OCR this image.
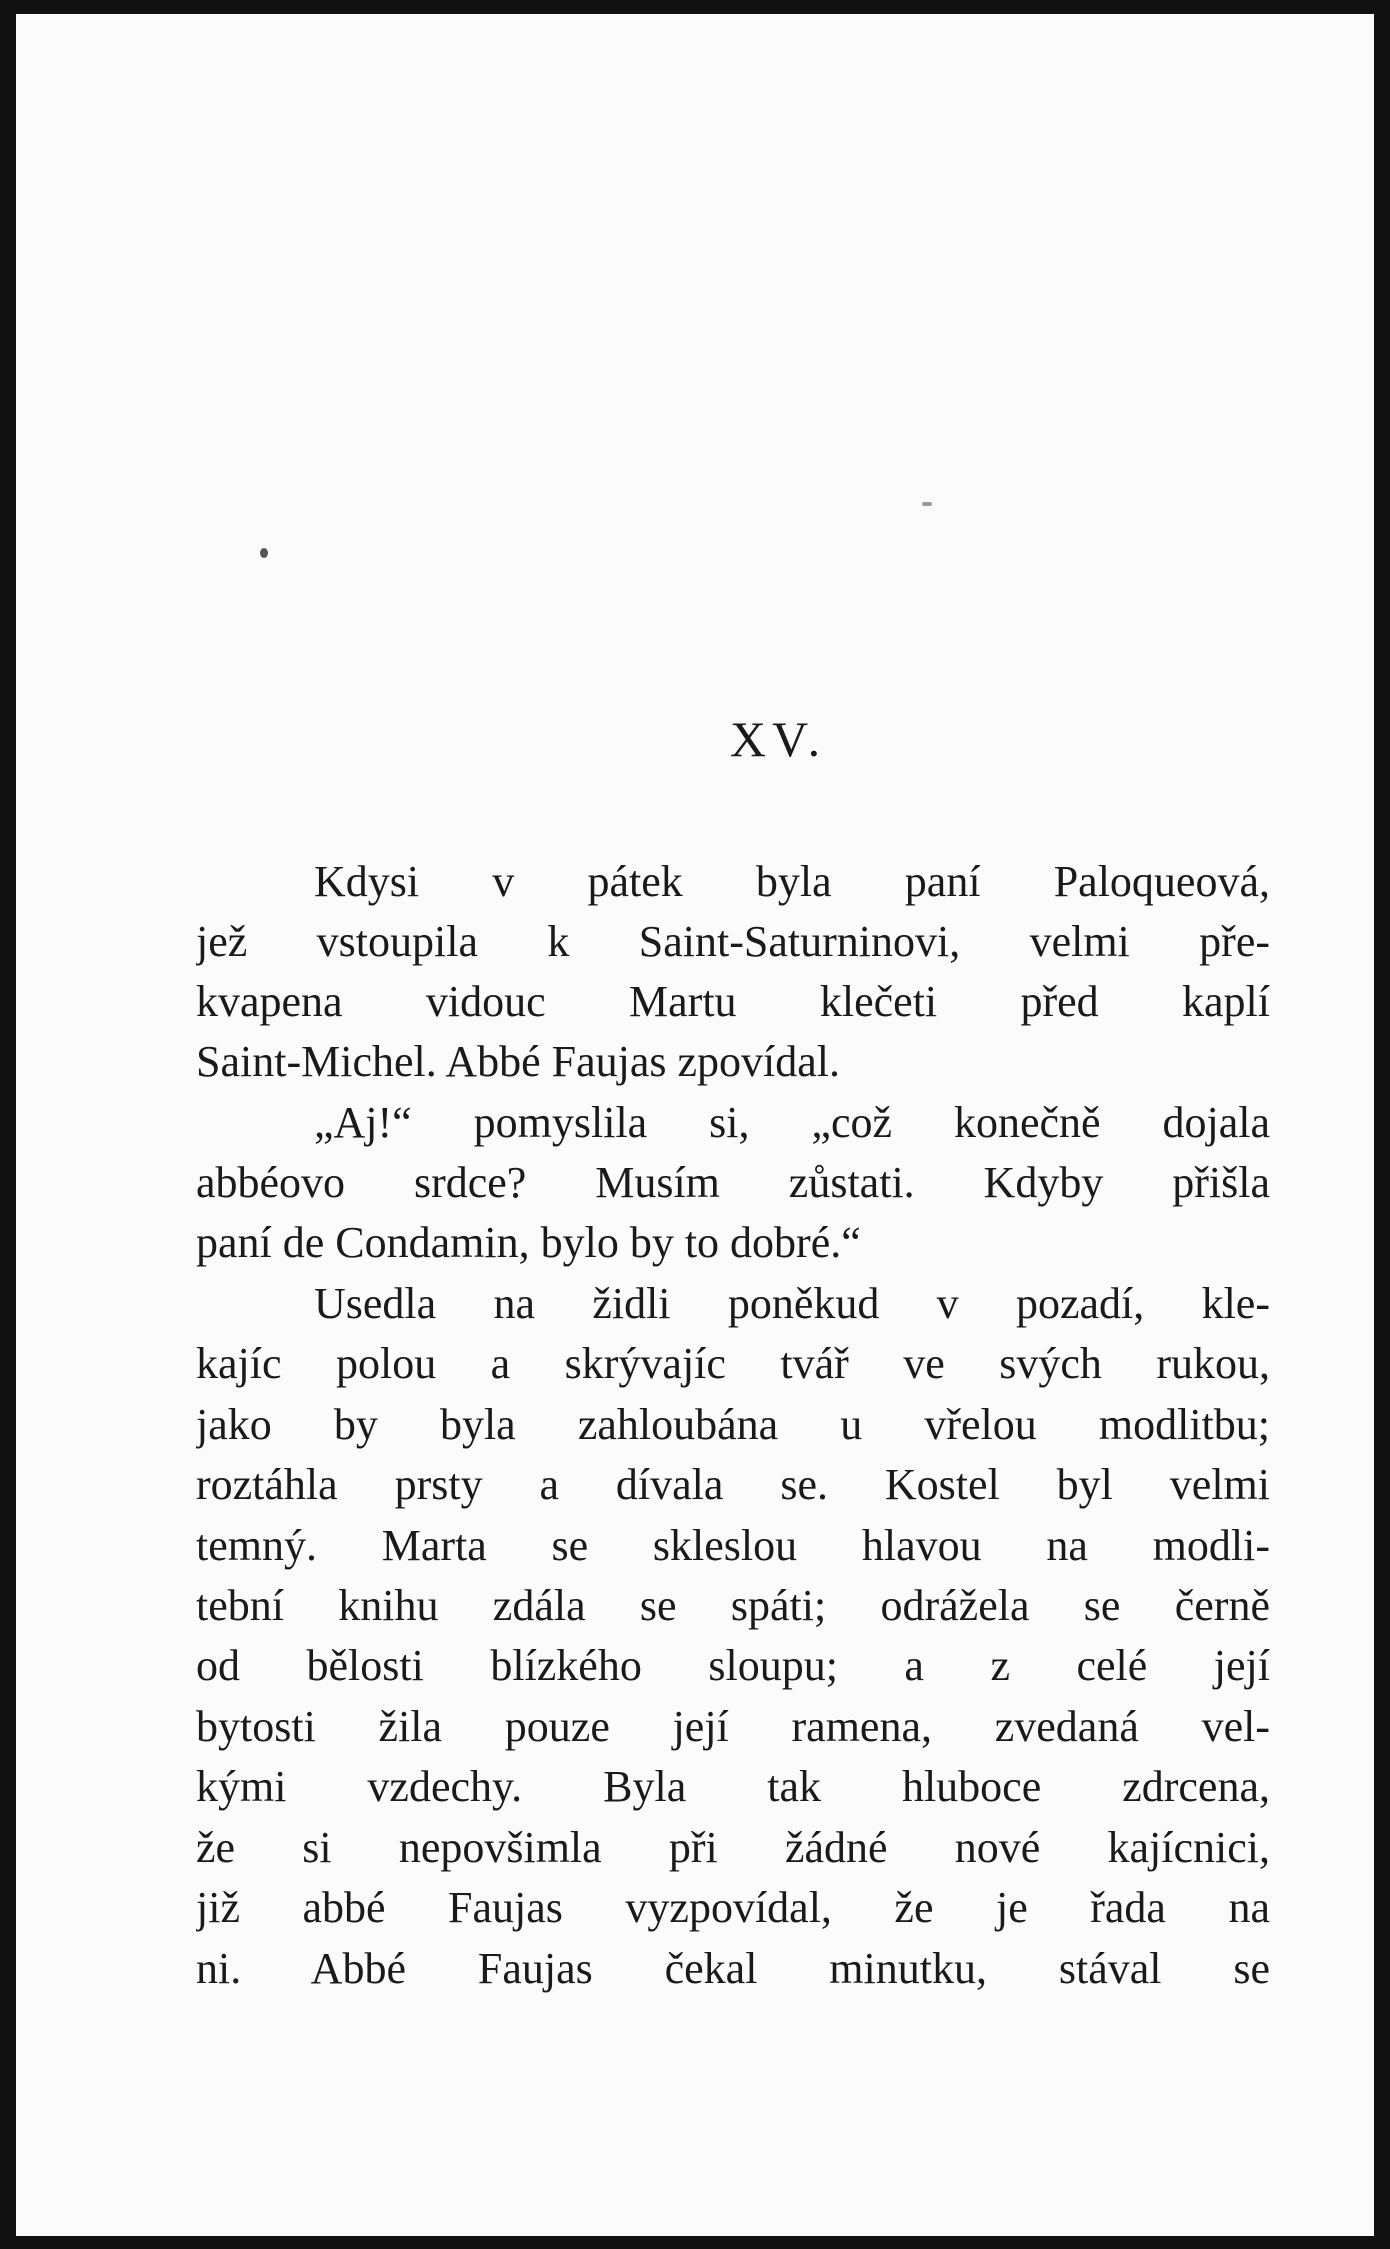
XV.
Kdysi v pátek byla paní Paloqueová,
jež vstoupila k Saint-Saturninovi, velmi pře-
kvapena vidouc Martu klečeti před kaplí
Saint-Michel. Abbé Faujas zpovídal.
„Aj!“ pomyslila si, „což konečně dojala
abbéovo srdce? Musím zůstati. Kdyby přišla
paní de Condamin, bylo by to dobré.“
Usedla na židli poněkud v pozadí, kle-
kajíc polou a skrývajíc tvář ve svých rukou,
jako by byla zahloubána u vřelou modlitbu;
roztáhla prsty a dívala se. Kostel byl velmi
temný. Marta se skleslou hlavou na modli-
tební knihu zdála se spáti; odrážela se černě
od bělosti blízkého sloupu; a z celé její
bytosti žila pouze její ramena, zvedaná vel-
kými vzdechy. Byla tak hluboce zdrcena,
že si nepovšimla při žádné nové kajícnici,
již abbé Faujas vyzpovídal, že je řada na
ni. Abbé Faujas čekal minutku, stával se
